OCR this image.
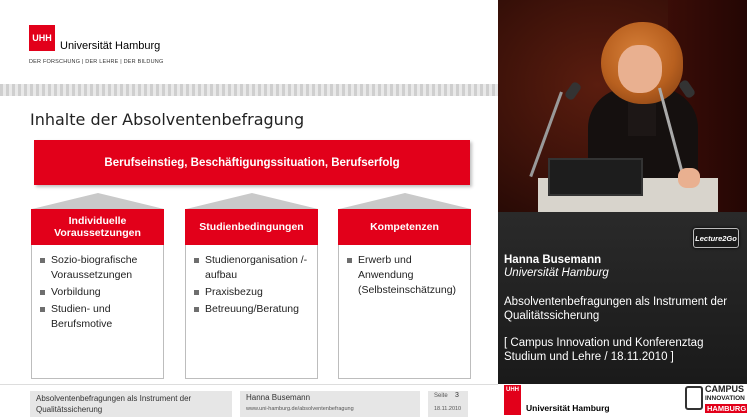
UHH
Universität Hamburg
DER FORSCHUNG | DER LEHRE | DER BILDUNG
Inhalte der Absolventenbefragung
Berufseinstieg, Beschäftigungssituation, Berufserfolg
Individuelle Voraussetzungen
Sozio-biografische Voraussetzungen
Vorbildung
Studien- und Berufsmotive
Studienbedingungen
Studienorganisation /-aufbau
Praxisbezug
Betreuung/Beratung
Kompetenzen
Erwerb und Anwendung (Selbsteinschätzung)
Absolventenbefragungen als Instrument der Qualitätssicherung
Hanna Busemann
www.uni-hamburg.de/absolventenbefragung
Seite 3
18.11.2010
Lecture2Go
Hanna Busemann
Universität Hamburg
Absolventenbefragungen als Instrument der Qualitätssicherung
[ Campus Innovation und Konferenztag Studium und Lehre / 18.11.2010 ]
UHH
Universität Hamburg
CAMPUS
INNOVATION
HAMBURG
